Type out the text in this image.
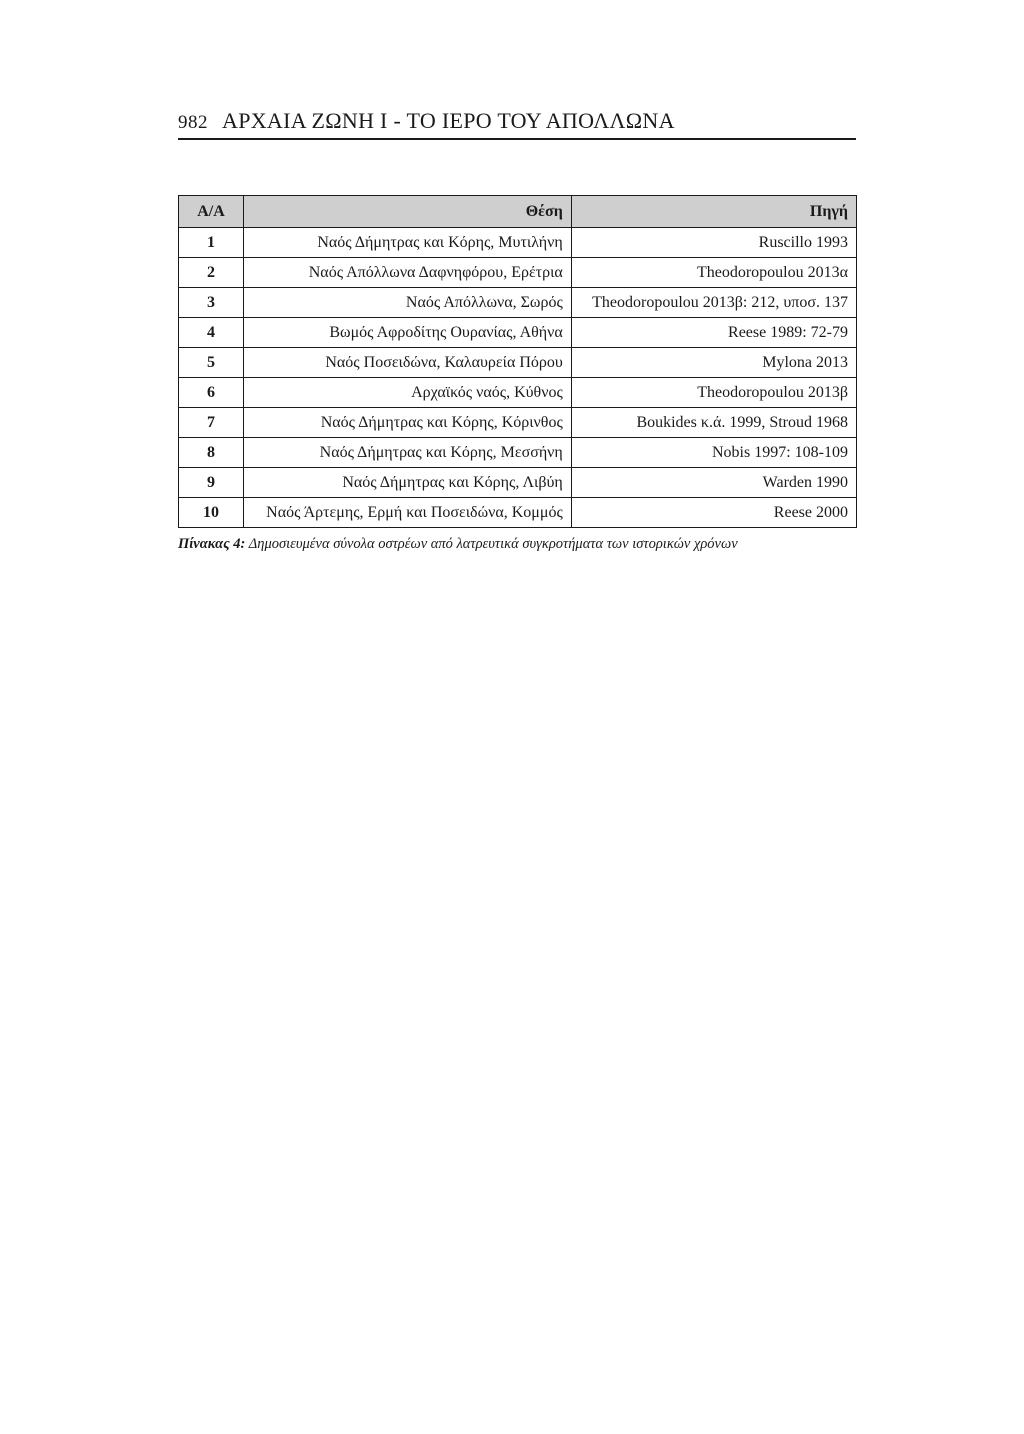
982 ΑΡΧΑΙΑ ΖΩΝΗ Ι - ΤΟ ΙΕΡΟ ΤΟΥ ΑΠΟΛΛΩΝΑ
Α/Α	Θέση	Πηγή
1	Ναός Δήμητρας και Κόρης, Μυτιλήνη	Ruscillo 1993
2	Ναός Απόλλωνα Δαφνηφόρου, Ερέτρια	Theodoropoulou 2013α
3	Ναός Απόλλωνα, Σωρός	Theodoropoulou 2013β: 212, υποσ. 137
4	Βωμός Αφροδίτης Ουρανίας, Αθήνα	Reese 1989: 72-79
5	Ναός Ποσειδώνα, Καλαυρεία Πόρου	Mylona 2013
6	Αρχαϊκός ναός, Κύθνος	Theodoropoulou 2013β
7	Ναός Δήμητρας και Κόρης, Κόρινθος	Boukides κ.ά. 1999, Stroud 1968
8	Ναός Δήμητρας και Κόρης, Μεσσήνη	Nobis 1997: 108-109
9	Ναός Δήμητρας και Κόρης, Λιβύη	Warden 1990
10	Ναός Άρτεμης, Ερμή και Ποσειδώνα, Κομμός	Reese 2000
Πίνακας 4: Δημοσιευμένα σύνολα οστρέων από λατρευτικά συγκροτήματα των ιστορικών χρόνων
